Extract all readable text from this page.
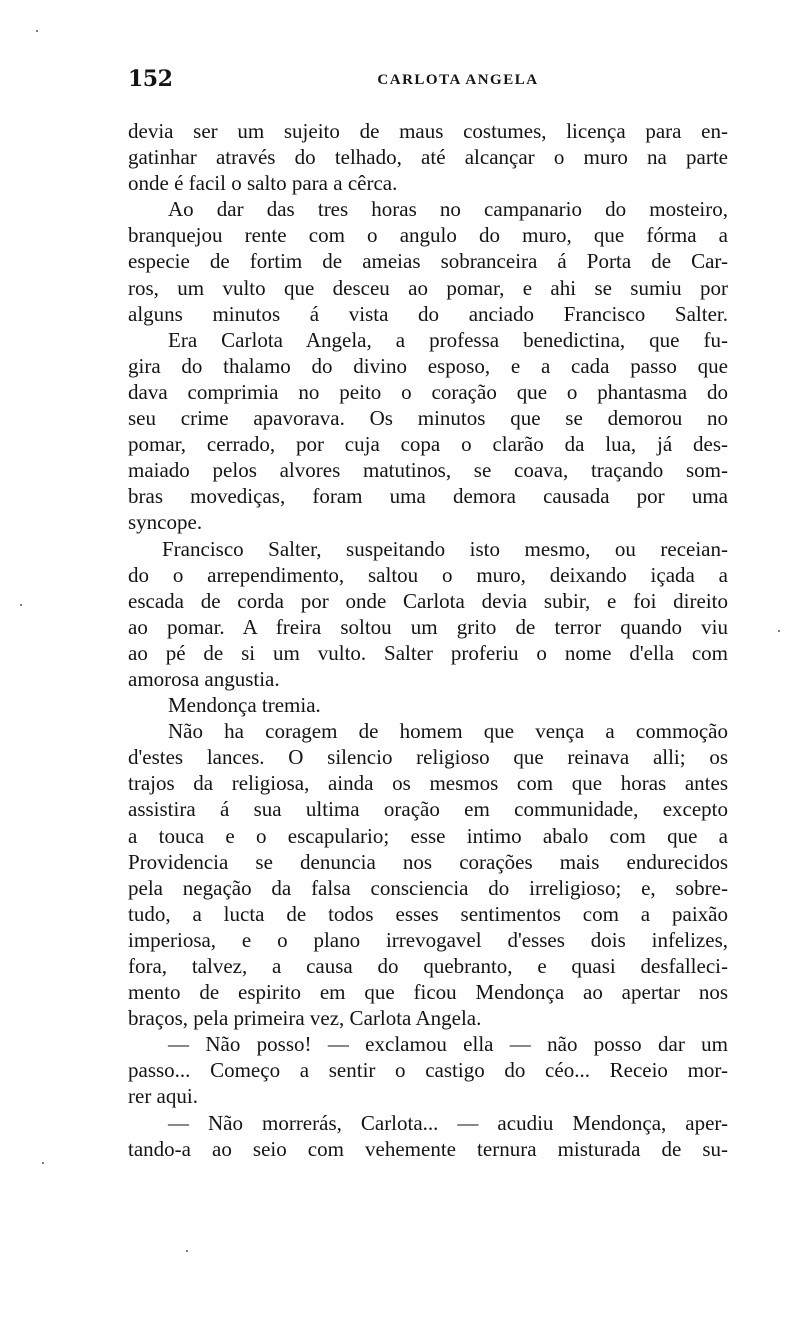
152	CARLOTA ANGELA
devia ser um sujeito de maus costumes, licença para en-
gatinhar através do telhado, até alcançar o muro na parte
onde é facil o salto para a cêrca.
Ao dar das tres horas no campanario do mosteiro,
branquejou rente com o angulo do muro, que fórma a
especie de fortim de ameias sobranceira á Porta de Car-
ros, um vulto que desceu ao pomar, e ahi se sumiu por
alguns minutos á vista do anciado Francisco Salter.
Era Carlota Angela, a professa benedictina, que fu-
gira do thalamo do divino esposo, e a cada passo que
dava comprimia no peito o coração que o phantasma do
seu crime apavorava. Os minutos que se demorou no
pomar, cerrado, por cuja copa o clarão da lua, já des-
maiado pelos alvores matutinos, se coava, traçando som-
bras movediças, foram uma demora causada por uma
syncope.
Francisco Salter, suspeitando isto mesmo, ou receian-
do o arrependimento, saltou o muro, deixando içada a
escada de corda por onde Carlota devia subir, e foi direito
ao pomar. A freira soltou um grito de terror quando viu
ao pé de si um vulto. Salter proferiu o nome d'ella com
amorosa angustia.
Mendonça tremia.
Não ha coragem de homem que vença a commoção
d'estes lances. O silencio religioso que reinava alli; os
trajos da religiosa, ainda os mesmos com que horas antes
assistira á sua ultima oração em communidade, excepto
a touca e o escapulario; esse intimo abalo com que a
Providencia se denuncia nos corações mais endurecidos
pela negação da falsa consciencia do irreligioso; e, sobre-
tudo, a lucta de todos esses sentimentos com a paixão
imperiosa, e o plano irrevogavel d'esses dois infelizes,
fora, talvez, a causa do quebranto, e quasi desfalleci-
mento de espirito em que ficou Mendonça ao apertar nos
braços, pela primeira vez, Carlota Angela.
— Não posso! — exclamou ella — não posso dar um
passo... Começo a sentir o castigo do céo... Receio mor-
rer aqui.
— Não morrerás, Carlota... — acudiu Mendonça, aper-
tando-a ao seio com vehemente ternura misturada de su-
